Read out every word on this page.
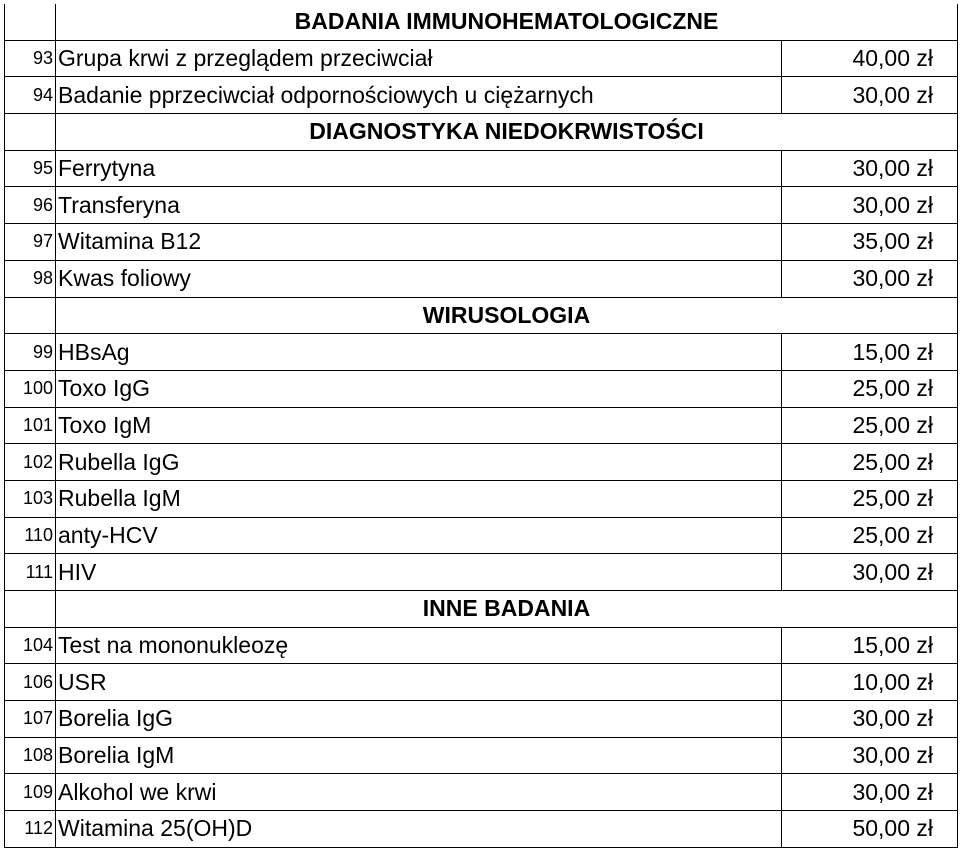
	BADANIA IMMUNOHEMATOLOGICZNE	
93	Grupa krwi z przeglądem przeciwciał	40,00 zł
94	Badanie pprzeciwciał odpornościowych u ciężarnych	30,00 zł
	DIAGNOSTYKA NIEDOKRWISTOŚCI	
95	Ferrytyna	30,00 zł
96	Transferyna	30,00 zł
97	Witamina B12	35,00 zł
98	Kwas foliowy	30,00 zł
	WIRUSOLOGIA	
99	HBsAg	15,00 zł
100	Toxo IgG	25,00 zł
101	Toxo IgM	25,00 zł
102	Rubella IgG	25,00 zł
103	Rubella IgM	25,00 zł
110	anty-HCV	25,00 zł
111	HIV	30,00 zł
	INNE BADANIA	
104	Test na mononukleozę	15,00 zł
106	USR	10,00 zł
107	Borelia IgG	30,00 zł
108	Borelia IgM	30,00 zł
109	Alkohol we krwi	30,00 zł
112	Witamina 25(OH)D	50,00 zł
